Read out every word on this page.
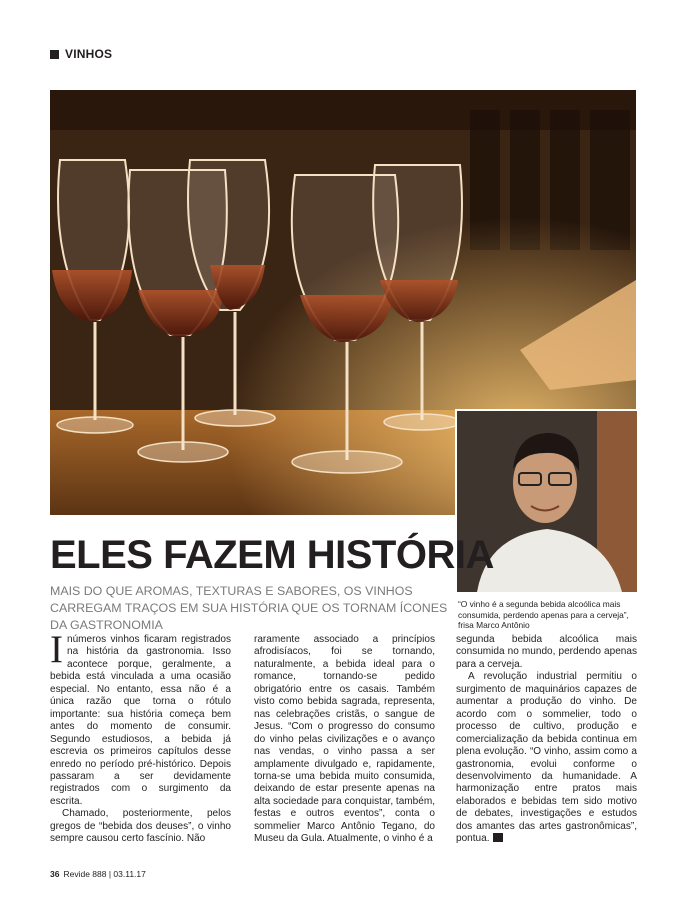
VINHOS
ELES FAZEM HISTÓRIA
MAIS DO QUE AROMAS, TEXTURAS E SABORES, OS VINHOS CARREGAM TRAÇOS EM SUA HISTÓRIA QUE OS TORNAM ÍCONES DA GASTRONOMIA
“O vinho é a segunda bebida alcoólica mais consumida, perdendo apenas para a cerveja”, frisa Marco Antônio

Inúmeros vinhos ficaram registrados na história da gastronomia. Isso acontece porque, geralmente, a bebida está vinculada a uma ocasião especial. No entanto, essa não é a única razão que torna o rótulo importante: sua história começa bem antes do momento de consumir. Segundo estudiosos, a bebida já escrevia os primeiros capítulos desse enredo no período pré-histórico. Depois passaram a ser devidamente registrados com o surgimento da escrita.

Chamado, posteriormente, pelos gregos de “bebida dos deuses”, o vinho sempre causou certo fascínio. Não

raramente associado a princípios afrodisíacos, foi se tornando, naturalmente, a bebida ideal para o romance, tornando-se pedido obrigatório entre os casais. Também visto como bebida sagrada, representa, nas celebrações cristãs, o sangue de Jesus. “Com o progresso do consumo do vinho pelas civilizações e o avanço nas vendas, o vinho passa a ser amplamente divulgado e, rapidamente, torna-se uma bebida muito consumida, deixando de estar presente apenas na alta sociedade para conquistar, também, festas e outros eventos”, conta o sommelier Marco Antônio Tegano, do Museu da Gula. Atualmente, o vinho é a

segunda bebida alcoólica mais consumida no mundo, perdendo apenas para a cerveja.

A revolução industrial permitiu o surgimento de maquinários capazes de aumentar a produção do vinho. De acordo com o sommelier, todo o processo de cultivo, produção e comercialização da bebida continua em plena evolução. “O vinho, assim como a gastronomia, evolui conforme o desenvolvimento da humanidade. A harmonização entre pratos mais elaborados e bebidas tem sido motivo de debates, investigações e estudos dos amantes das artes gastronômicas”, pontua.

36 Revide 888 | 03.11.17
